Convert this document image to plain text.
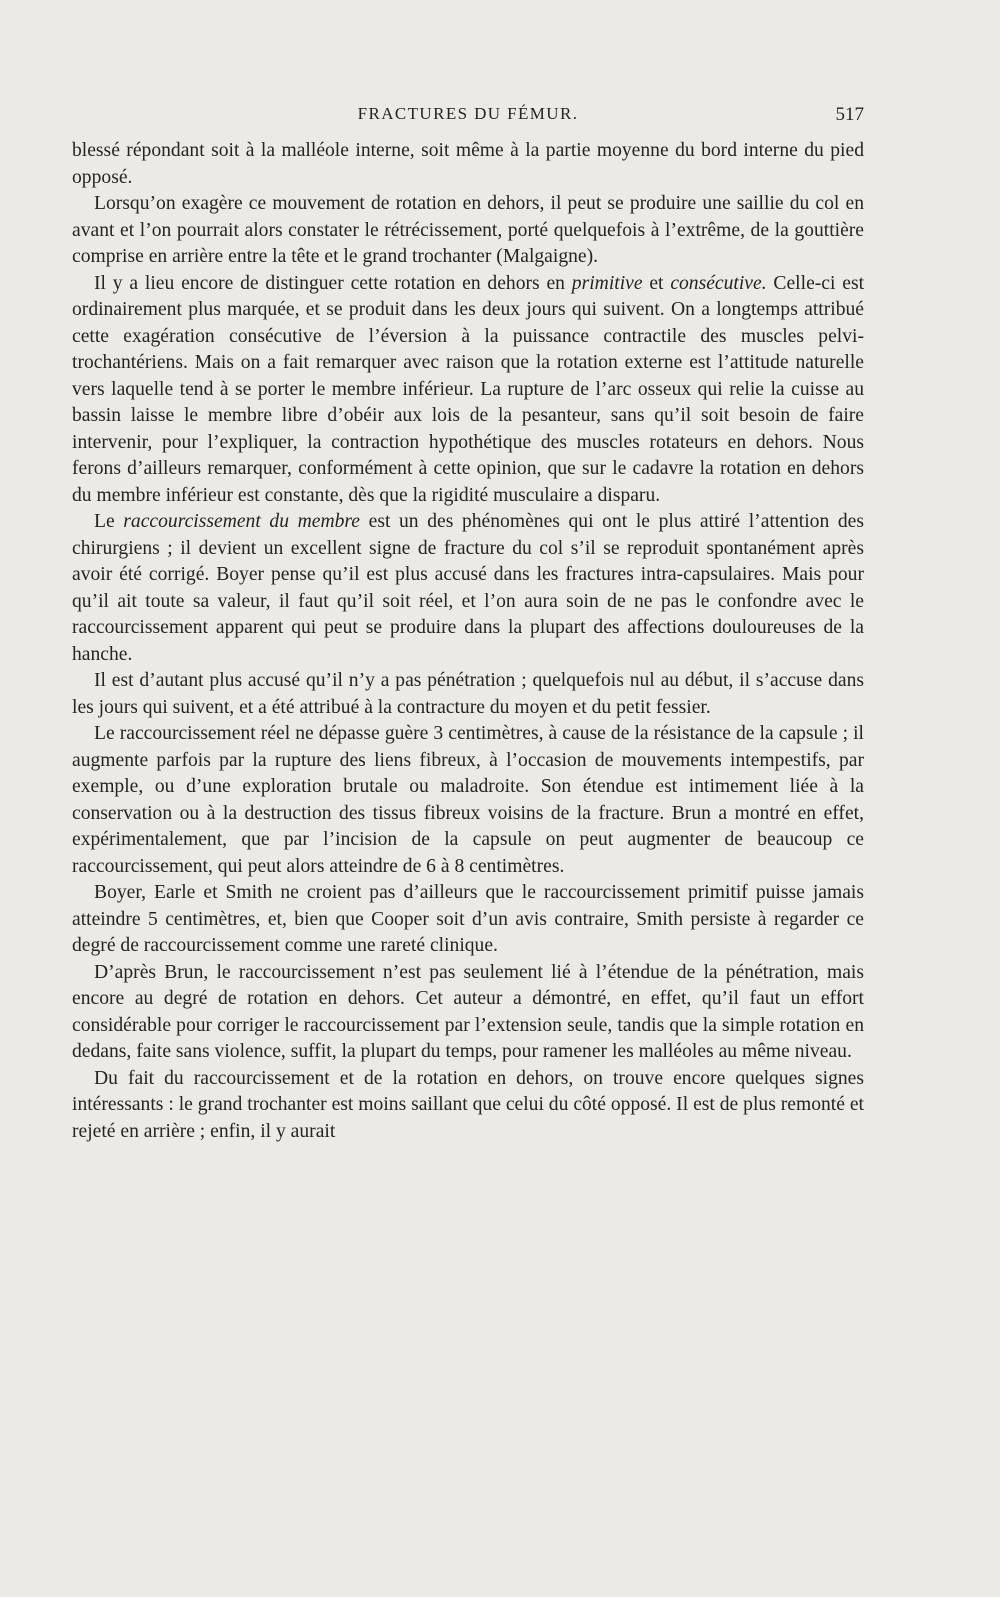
FRACTURES DU FÉMUR.	517

blessé répondant soit à la malléole interne, soit même à la partie moyenne du bord interne du pied opposé.

Lorsqu’on exagère ce mouvement de rotation en dehors, il peut se produire une saillie du col en avant et l’on pourrait alors constater le rétrécissement, porté quelquefois à l’extrême, de la gouttière comprise en arrière entre la tête et le grand trochanter (Malgaigne).

Il y a lieu encore de distinguer cette rotation en dehors en primitive et consécutive. Celle-ci est ordinairement plus marquée, et se produit dans les deux jours qui suivent. On a longtemps attribué cette exagération consécutive de l’éversion à la puissance contractile des muscles pelvi-trochantériens. Mais on a fait remarquer avec raison que la rotation externe est l’attitude naturelle vers laquelle tend à se porter le membre inférieur. La rupture de l’arc osseux qui relie la cuisse au bassin laisse le membre libre d’obéir aux lois de la pesanteur, sans qu’il soit besoin de faire intervenir, pour l’expliquer, la contraction hypothétique des muscles rotateurs en dehors. Nous ferons d’ailleurs remarquer, conformément à cette opinion, que sur le cadavre la rotation en dehors du membre inférieur est constante, dès que la rigidité musculaire a disparu.

Le raccourcissement du membre est un des phénomènes qui ont le plus attiré l’attention des chirurgiens ; il devient un excellent signe de fracture du col s’il se reproduit spontanément après avoir été corrigé. Boyer pense qu’il est plus accusé dans les fractures intra-capsulaires. Mais pour qu’il ait toute sa valeur, il faut qu’il soit réel, et l’on aura soin de ne pas le confondre avec le raccourcissement apparent qui peut se produire dans la plupart des affections douloureuses de la hanche.

Il est d’autant plus accusé qu’il n’y a pas pénétration ; quelquefois nul au début, il s’accuse dans les jours qui suivent, et a été attribué à la contracture du moyen et du petit fessier.

Le raccourcissement réel ne dépasse guère 3 centimètres, à cause de la résistance de la capsule ; il augmente parfois par la rupture des liens fibreux, à l’occasion de mouvements intempestifs, par exemple, ou d’une exploration brutale ou maladroite. Son étendue est intimement liée à la conservation ou à la destruction des tissus fibreux voisins de la fracture. Brun a montré en effet, expérimentalement, que par l’incision de la capsule on peut augmenter de beaucoup ce raccourcissement, qui peut alors atteindre de 6 à 8 centimètres.

Boyer, Earle et Smith ne croient pas d’ailleurs que le raccourcissement primitif puisse jamais atteindre 5 centimètres, et, bien que Cooper soit d’un avis contraire, Smith persiste à regarder ce degré de raccourcissement comme une rareté clinique.

D’après Brun, le raccourcissement n’est pas seulement lié à l’étendue de la pénétration, mais encore au degré de rotation en dehors. Cet auteur a démontré, en effet, qu’il faut un effort considérable pour corriger le raccourcissement par l’extension seule, tandis que la simple rotation en dedans, faite sans violence, suffit, la plupart du temps, pour ramener les malléoles au même niveau.

Du fait du raccourcissement et de la rotation en dehors, on trouve encore quelques signes intéressants : le grand trochanter est moins saillant que celui du côté opposé. Il est de plus remonté et rejeté en arrière ; enfin, il y aurait
